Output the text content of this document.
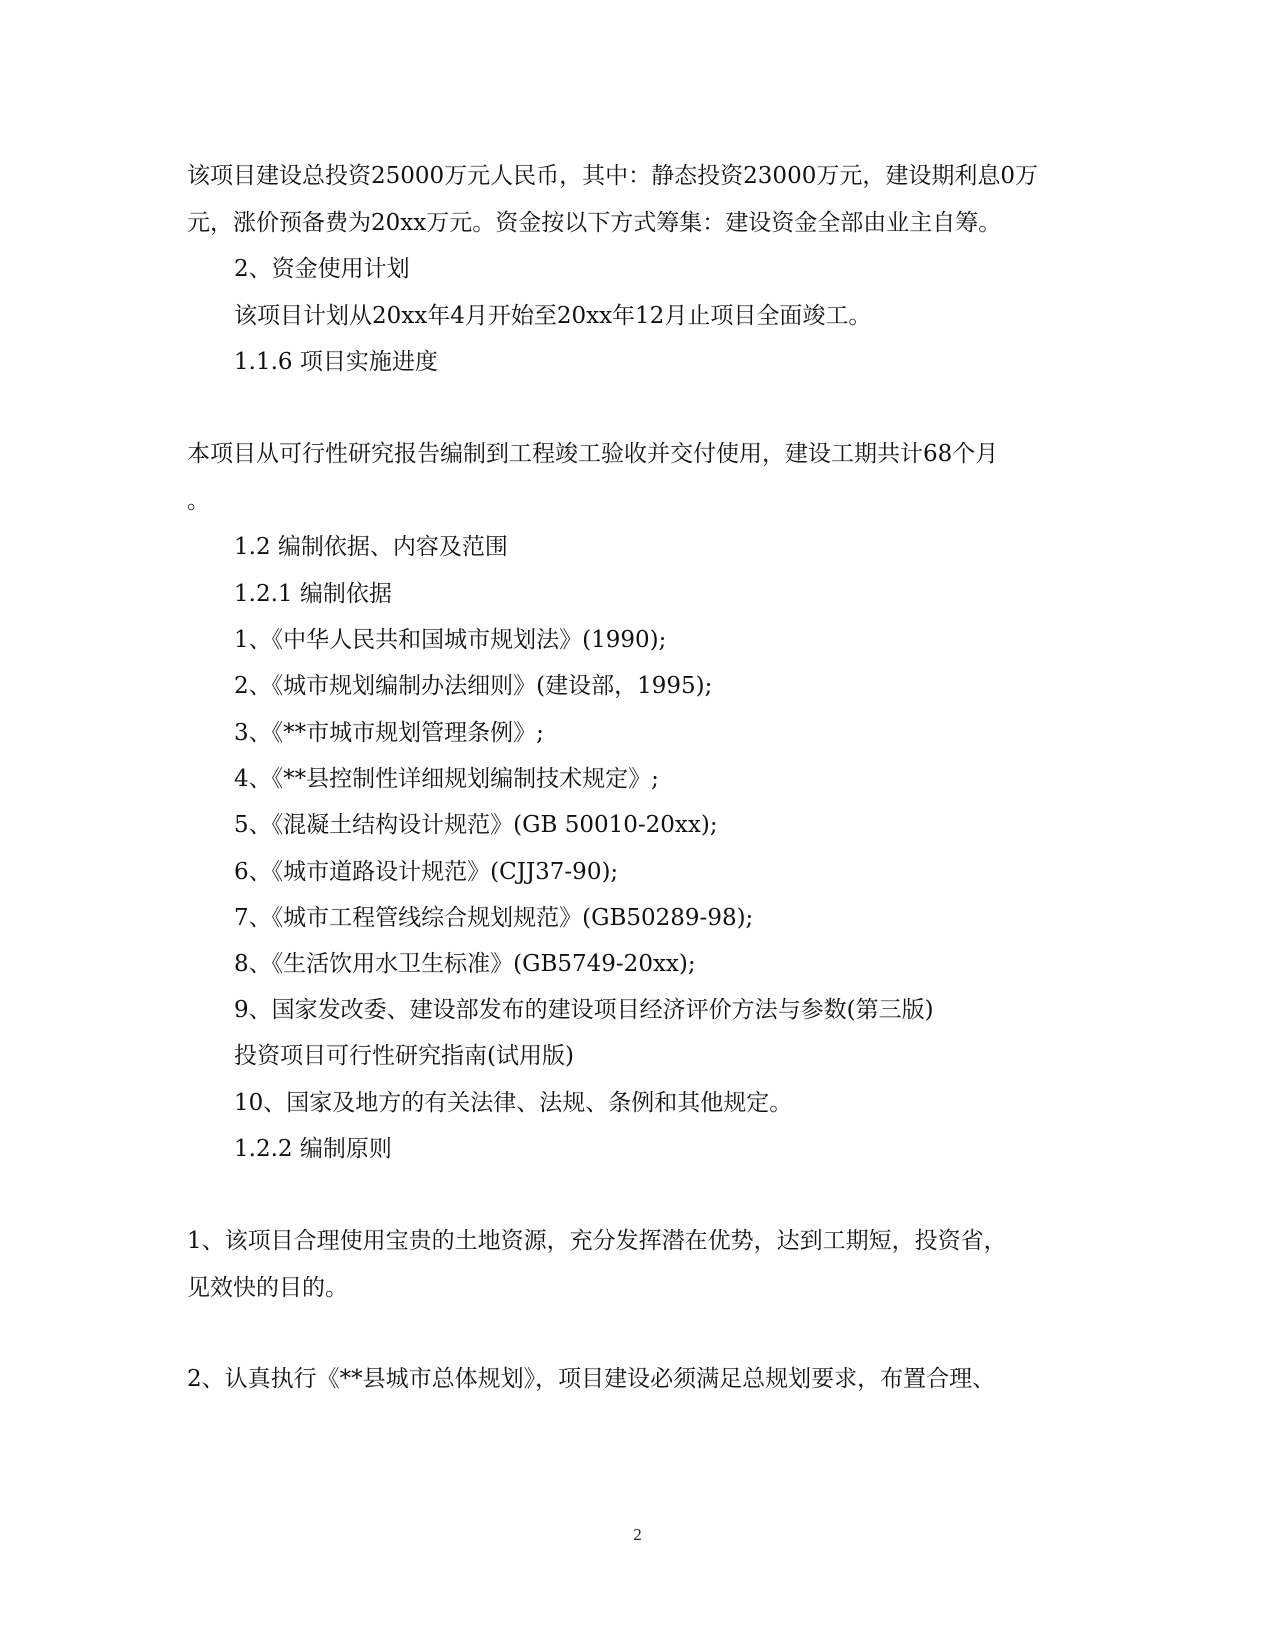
该项目建设总投资25000万元人民币，其中：静态投资23000万元，建设期利息0万
元，涨价预备费为20xx万元。资金按以下方式筹集：建设资金全部由业主自筹。
2、资金使用计划
该项目计划从20xx年4月开始至20xx年12月止项目全面竣工。
1.1.6 项目实施进度
本项目从可行性研究报告编制到工程竣工验收并交付使用，建设工期共计68个月
。
1.2 编制依据、内容及范围
1.2.1 编制依据
1、《中华人民共和国城市规划法》(1990);
2、《城市规划编制办法细则》(建设部，1995);
3、《**市城市规划管理条例》;
4、《**县控制性详细规划编制技术规定》;
5、《混凝土结构设计规范》(GB 50010-20xx);
6、《城市道路设计规范》(CJJ37-90);
7、《城市工程管线综合规划规范》(GB50289-98);
8、《生活饮用水卫生标准》(GB5749-20xx);
9、国家发改委、建设部发布的建设项目经济评价方法与参数(第三版)
投资项目可行性研究指南(试用版)
10、国家及地方的有关法律、法规、条例和其他规定。
1.2.2 编制原则
1、该项目合理使用宝贵的土地资源，充分发挥潜在优势，达到工期短，投资省，
见效快的目的。
2、认真执行《**县城市总体规划》，项目建设必须满足总规划要求，布置合理、
2
